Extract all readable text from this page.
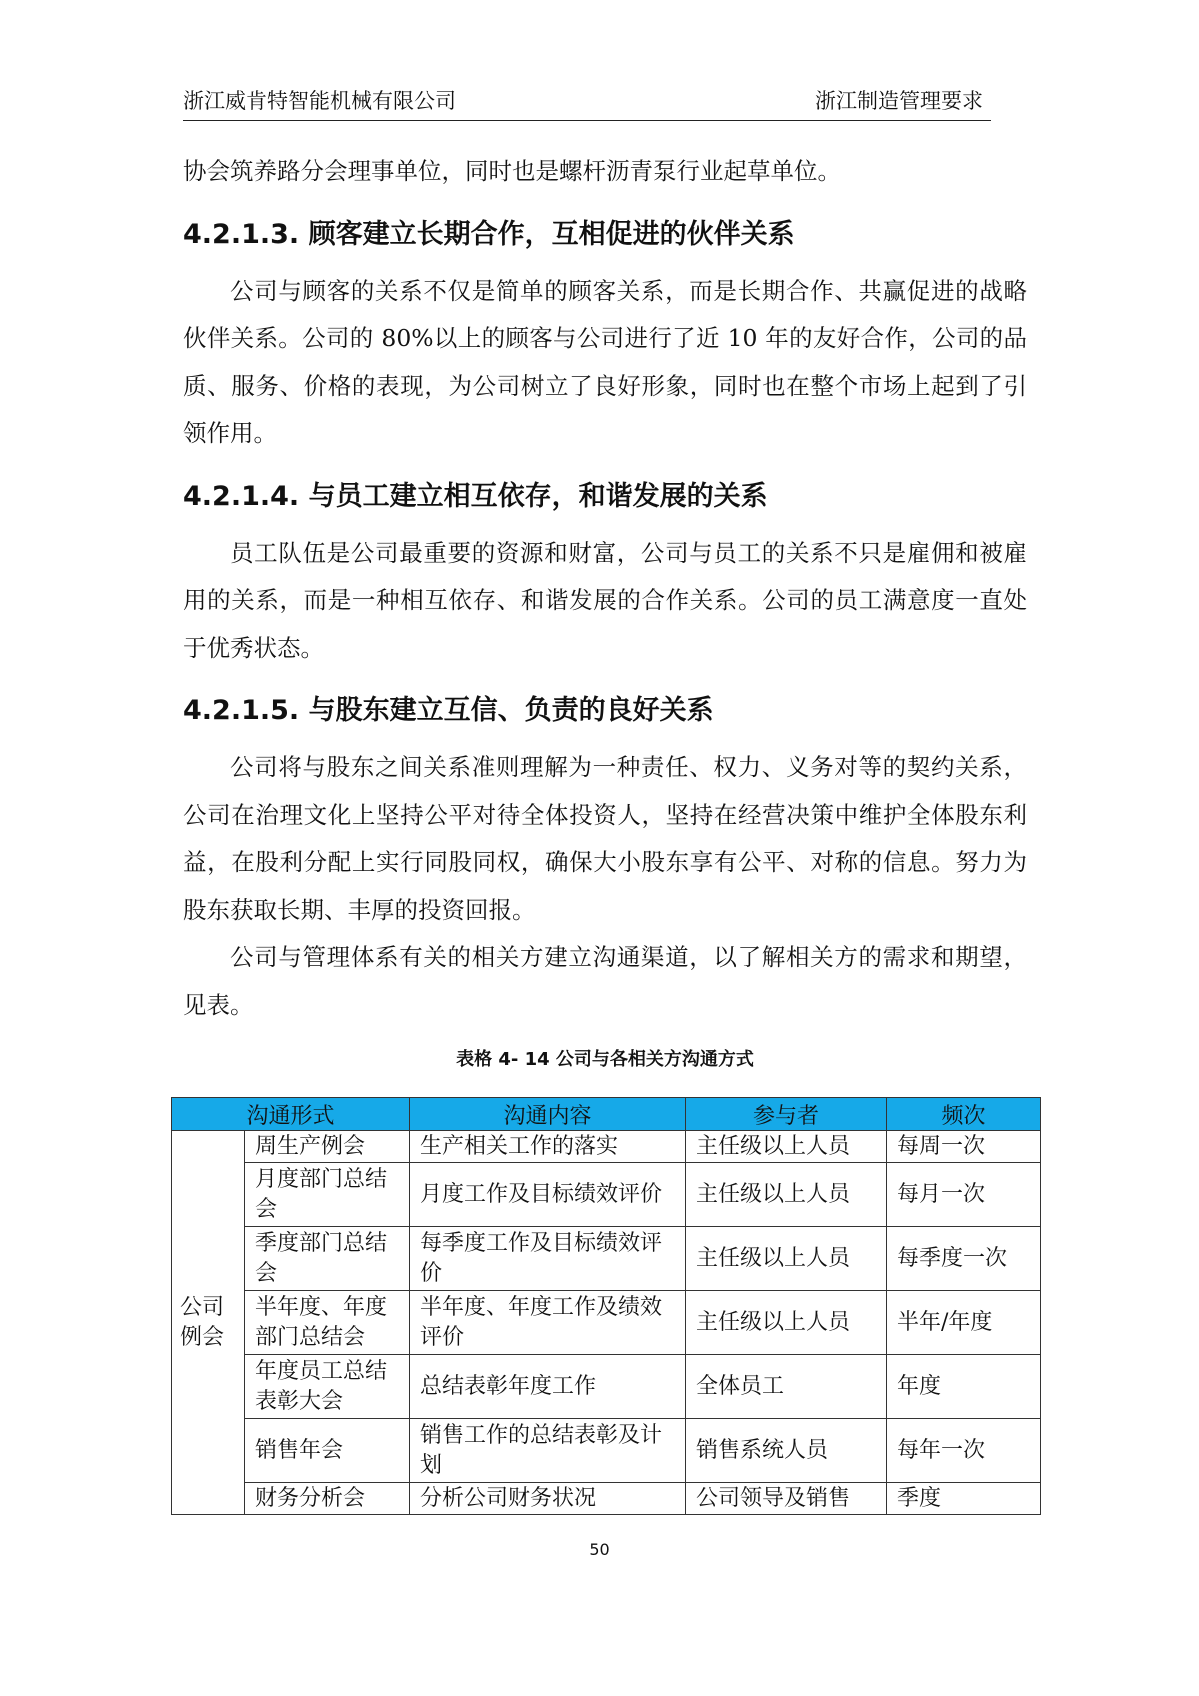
浙江威肯特智能机械有限公司	浙江制造管理要求

协会筑养路分会理事单位，同时也是螺杆沥青泵行业起草单位。

4.2.1.3. 顾客建立长期合作，互相促进的伙伴关系

公司与顾客的关系不仅是简单的顾客关系，而是长期合作、共赢促进的战略伙伴关系。公司的 80%以上的顾客与公司进行了近 10 年的友好合作，公司的品质、服务、价格的表现，为公司树立了良好形象，同时也在整个市场上起到了引领作用。

4.2.1.4. 与员工建立相互依存，和谐发展的关系

员工队伍是公司最重要的资源和财富，公司与员工的关系不只是雇佣和被雇用的关系，而是一种相互依存、和谐发展的合作关系。公司的员工满意度一直处于优秀状态。

4.2.1.5. 与股东建立互信、负责的良好关系

公司将与股东之间关系准则理解为一种责任、权力、义务对等的契约关系，公司在治理文化上坚持公平对待全体投资人，坚持在经营决策中维护全体股东利益，在股利分配上实行同股同权，确保大小股东享有公平、对称的信息。努力为股东获取长期、丰厚的投资回报。

公司与管理体系有关的相关方建立沟通渠道，以了解相关方的需求和期望，见表。

表格 4- 14 公司与各相关方沟通方式
沟通形式		沟通内容	参与者	频次
公司例会	周生产例会	生产相关工作的落实	主任级以上人员	每周一次
	月度部门总结会	月度工作及目标绩效评价	主任级以上人员	每月一次
	季度部门总结会	每季度工作及目标绩效评价	主任级以上人员	每季度一次
	半年度、年度部门总结会	半年度、年度工作及绩效评价	主任级以上人员	半年/年度
	年度员工总结表彰大会	总结表彰年度工作	全体员工	年度
	销售年会	销售工作的总结表彰及计划	销售系统人员	每年一次
	财务分析会	分析公司财务状况	公司领导及销售	季度
50
